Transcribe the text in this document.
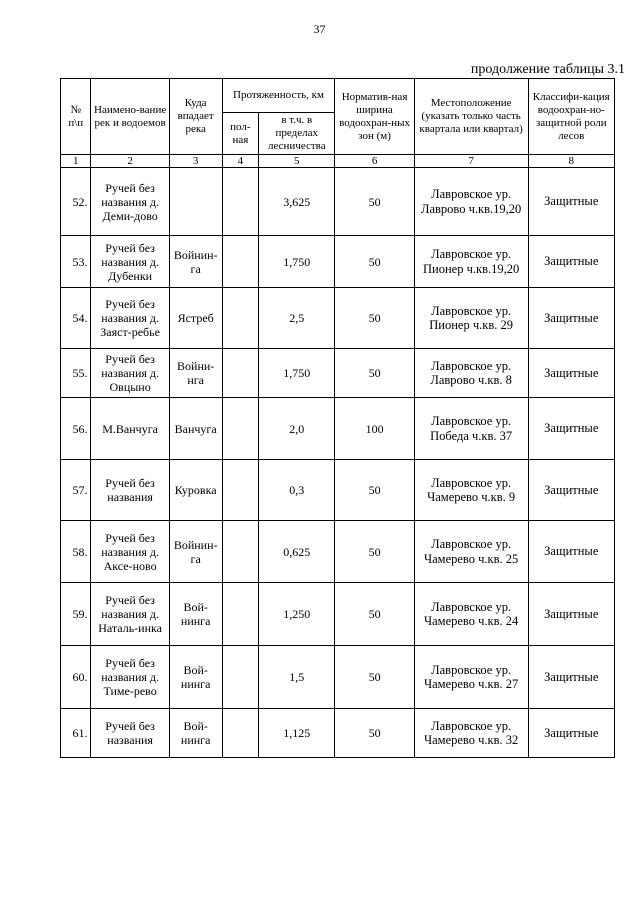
37
продолжение таблицы 3.1
№ п\п	Наимено-вание рек и водоемов	Куда впадает река	Протяженность, км		Норматив-ная ширина водоохран-ных зон (м)	Местоположение (указать только часть квартала или квартал)	Классифи-кация водоохран-но-защитной роли лесов
			пол-ная	в т.ч. в пределах лесничества			
1	2	3	4	5	6	7	8
52.	Ручей без названия д. Деми-дово			3,625	50	Лавровское ур. Лаврово ч.кв.19,20	Защитные
53.	Ручей без названия д. Дубенки	Войнин-га		1,750	50	Лавровское ур. Пионер ч.кв.19,20	Защитные
54.	Ручей без названия д. Заяст-ребье	Ястреб		2,5	50	Лавровское ур. Пионер ч.кв. 29	Защитные
55.	Ручей без названия д. Овцыно	Войни-нга		1,750	50	Лавровское ур. Лаврово ч.кв. 8	Защитные
56.	М.Ванчуга	Ванчуга		2,0	100	Лавровское ур. Победа ч.кв. 37	Защитные
57.	Ручей без названия	Куровка		0,3	50	Лавровское ур. Чамерево ч.кв. 9	Защитные
58.	Ручей без названия д. Аксе-ново	Войнин-га		0,625	50	Лавровское ур. Чамерево ч.кв. 25	Защитные
59.	Ручей без названия д. Наталь-инка	Вой-нинга		1,250	50	Лавровское ур. Чамерево ч.кв. 24	Защитные
60.	Ручей без названия д. Тиме-рево	Вой-нинга		1,5	50	Лавровское ур. Чамерево ч.кв. 27	Защитные
61.	Ручей без названия	Вой-нинга		1,125	50	Лавровское ур. Чамерево ч.кв. 32	Защитные
